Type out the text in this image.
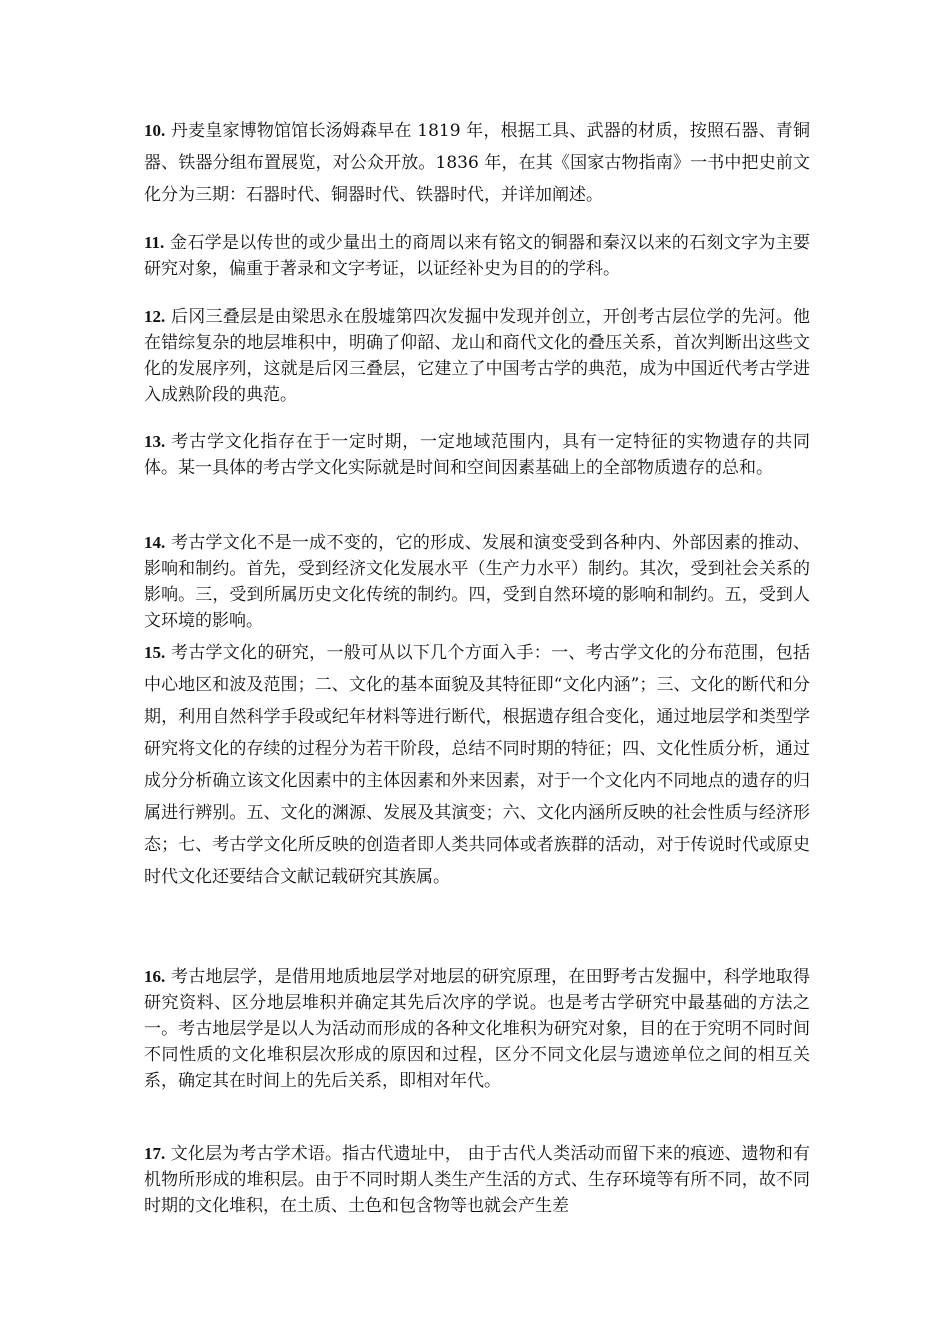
10. 丹麦皇家博物馆馆长汤姆森早在 1819 年，根据工具、武器的材质，按照石器、青铜器、铁器分组布置展览，对公众开放。1836 年，在其《国家古物指南》一书中把史前文化分为三期：石器时代、铜器时代、铁器时代，并详加阐述。

11. 金石学是以传世的或少量出土的商周以来有铭文的铜器和秦汉以来的石刻文字为主要研究对象，偏重于著录和文字考证，以证经补史为目的的学科。

12. 后冈三叠层是由梁思永在殷墟第四次发掘中发现并创立，开创考古层位学的先河。他在错综复杂的地层堆积中，明确了仰韶、龙山和商代文化的叠压关系，首次判断出这些文化的发展序列，这就是后冈三叠层，它建立了中国考古学的典范，成为中国近代考古学进入成熟阶段的典范。

13. 考古学文化指存在于一定时期，一定地域范围内，具有一定特征的实物遗存的共同体。某一具体的考古学文化实际就是时间和空间因素基础上的全部物质遗存的总和。

14. 考古学文化不是一成不变的，它的形成、发展和演变受到各种内、外部因素的推动、影响和制约。首先，受到经济文化发展水平（生产力水平）制约。其次，受到社会关系的影响。三，受到所属历史文化传统的制约。四，受到自然环境的影响和制约。五，受到人文环境的影响。

15. 考古学文化的研究，一般可从以下几个方面入手：一、考古学文化的分布范围，包括中心地区和波及范围；二、文化的基本面貌及其特征即“文化内涵”；三、文化的断代和分期，利用自然科学手段或纪年材料等进行断代，根据遗存组合变化，通过地层学和类型学研究将文化的存续的过程分为若干阶段，总结不同时期的特征；四、文化性质分析，通过成分分析确立该文化因素中的主体因素和外来因素，对于一个文化内不同地点的遗存的归属进行辨别。五、文化的渊源、发展及其演变；六、文化内涵所反映的社会性质与经济形态；七、考古学文化所反映的创造者即人类共同体或者族群的活动，对于传说时代或原史时代文化还要结合文献记载研究其族属。

16. 考古地层学，是借用地质地层学对地层的研究原理，在田野考古发掘中，科学地取得研究资料、区分地层堆积并确定其先后次序的学说。也是考古学研究中最基础的方法之一。考古地层学是以人为活动而形成的各种文化堆积为研究对象，目的在于究明不同时间不同性质的文化堆积层次形成的原因和过程，区分不同文化层与遗迹单位之间的相互关系，确定其在时间上的先后关系，即相对年代。

17. 文化层为考古学术语。指古代遗址中， 由于古代人类活动而留下来的痕迹、遗物和有机物所形成的堆积层。由于不同时期人类生产生活的方式、生存环境等有所不同，故不同时期的文化堆积，在土质、土色和包含物等也就会产生差
